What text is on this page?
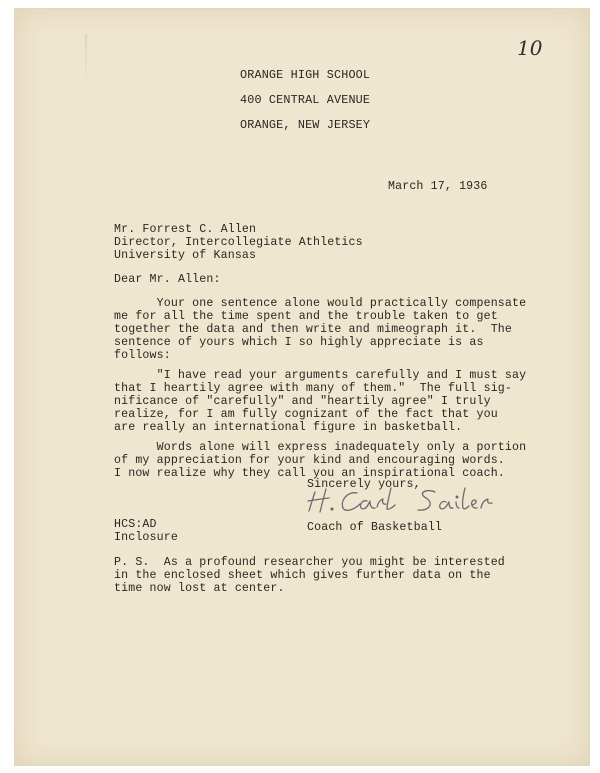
10

ORANGE HIGH SCHOOL

400 CENTRAL AVENUE

ORANGE, NEW JERSEY

March 17, 1936

Mr. Forrest C. Allen

Director, Intercollegiate Athletics

University of Kansas

Dear Mr. Allen:

Your one sentence alone would practically compensate

me for all the time spent and the trouble taken to get

together the data and then write and mimeograph it.  The

sentence of yours which I so highly appreciate is as

follows:

"I have read your arguments carefully and I must say

that I heartily agree with many of them."  The full sig-

nificance of "carefully" and "heartily agree" I truly

realize, for I am fully cognizant of the fact that you

are really an international figure in basketball.

Words alone will express inadequately only a portion

of my appreciation for your kind and encouraging words.

I now realize why they call you an inspirational coach.

Sincerely yours,

Coach of Basketball

HCS:AD

Inclosure

P. S.  As a profound researcher you might be interested

in the enclosed sheet which gives further data on the

time now lost at center.
